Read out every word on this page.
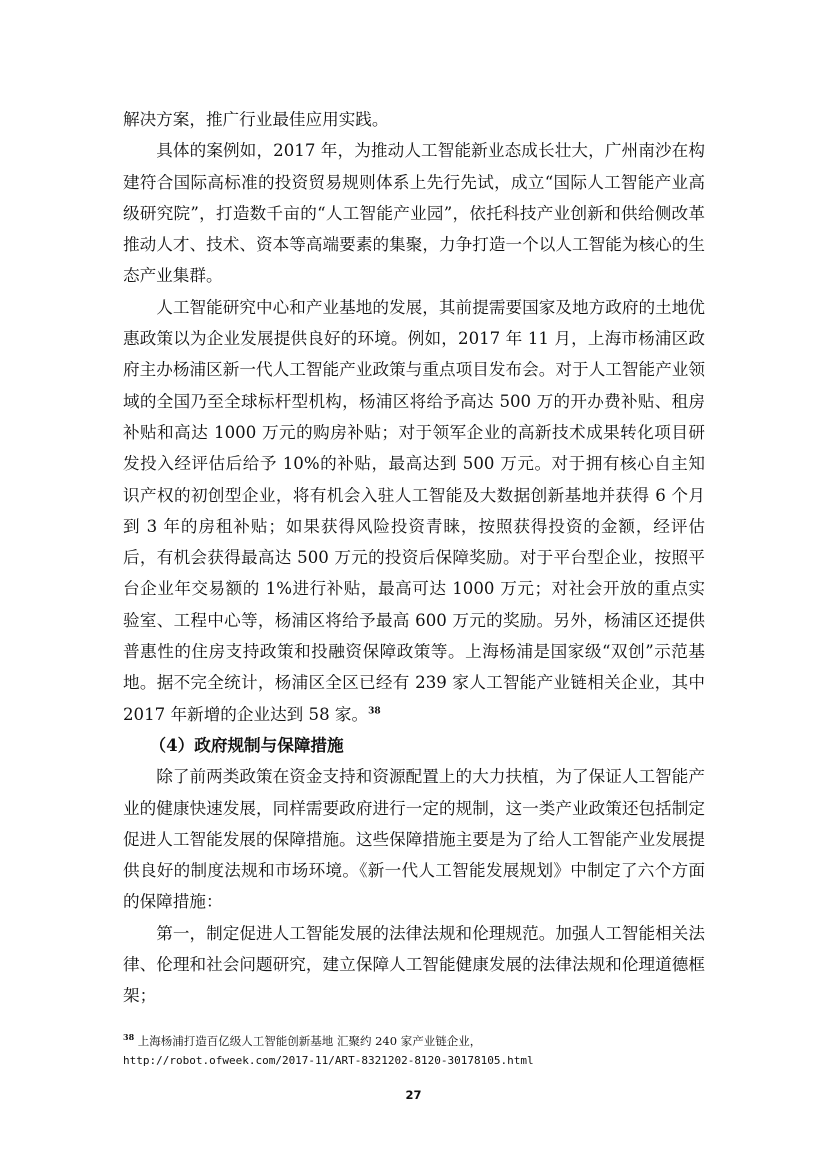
解决方案，推广行业最佳应用实践。

具体的案例如，2017 年，为推动人工智能新业态成长壮大，广州南沙在构建符合国际高标准的投资贸易规则体系上先行先试，成立“国际人工智能产业高级研究院”，打造数千亩的“人工智能产业园”，依托科技产业创新和供给侧改革推动人才、技术、资本等高端要素的集聚，力争打造一个以人工智能为核心的生态产业集群。

人工智能研究中心和产业基地的发展，其前提需要国家及地方政府的土地优惠政策以为企业发展提供良好的环境。例如，2017 年 11 月，上海市杨浦区政府主办杨浦区新一代人工智能产业政策与重点项目发布会。对于人工智能产业领域的全国乃至全球标杆型机构，杨浦区将给予高达 500 万的开办费补贴、租房补贴和高达 1000 万元的购房补贴；对于领军企业的高新技术成果转化项目研发投入经评估后给予 10%的补贴，最高达到 500 万元。对于拥有核心自主知识产权的初创型企业，将有机会入驻人工智能及大数据创新基地并获得 6 个月到 3 年的房租补贴；如果获得风险投资青睐，按照获得投资的金额，经评估后，有机会获得最高达 500 万元的投资后保障奖励。对于平台型企业，按照平台企业年交易额的 1%进行补贴，最高可达 1000 万元；对社会开放的重点实验室、工程中心等，杨浦区将给予最高 600 万元的奖励。另外，杨浦区还提供普惠性的住房支持政策和投融资保障政策等。上海杨浦是国家级“双创”示范基地。据不完全统计，杨浦区全区已经有 239 家人工智能产业链相关企业，其中 2017 年新增的企业达到 58 家。$^{38}$

（4）政府规制与保障措施

除了前两类政策在资金支持和资源配置上的大力扶植，为了保证人工智能产业的健康快速发展，同样需要政府进行一定的规制，这一类产业政策还包括制定促进人工智能发展的保障措施。这些保障措施主要是为了给人工智能产业发展提供良好的制度法规和市场环境。《新一代人工智能发展规划》中制定了六个方面的保障措施：

第一，制定促进人工智能发展的法律法规和伦理规范。加强人工智能相关法律、伦理和社会问题研究，建立保障人工智能健康发展的法律法规和伦理道德框架；

$^{38}$ 上海杨浦打造百亿级人工智能创新基地 汇聚约 240 家产业链企业，
http://robot.ofweek.com/2017-11/ART-8321202-8120-30178105.html
27
